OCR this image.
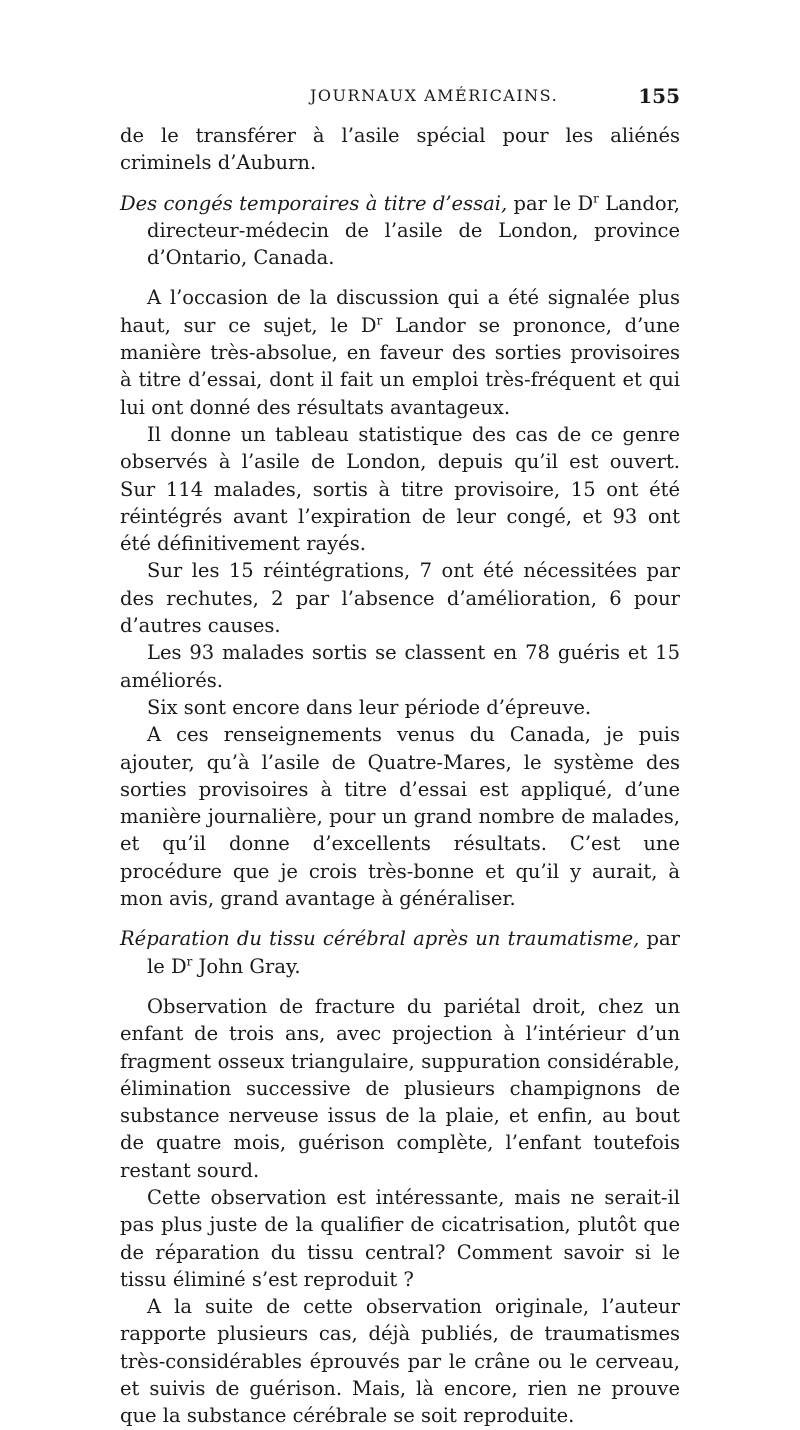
JOURNAUX AMÉRICAINS.	155

de le transférer à l’asile spécial pour les aliénés criminels d’Auburn.

Des congés temporaires à titre d’essai, par le $D^r$ Landor, directeur-médecin de l’asile de London, province d’Ontario, Canada.

A l’occasion de la discussion qui a été signalée plus haut, sur ce sujet, le $D^r$ Landor se prononce, d’une manière très-absolue, en faveur des sorties provisoires à titre d’essai, dont il fait un emploi très-fréquent et qui lui ont donné des résultats avantageux.

Il donne un tableau statistique des cas de ce genre observés à l’asile de London, depuis qu’il est ouvert. Sur 114 malades, sortis à titre provisoire, 15 ont été réintégrés avant l’expiration de leur congé, et 93 ont été définitivement rayés.

Sur les 15 réintégrations, 7 ont été nécessitées par des rechutes, 2 par l’absence d’amélioration, 6 pour d’autres causes.

Les 93 malades sortis se classent en 78 guéris et 15 améliorés.

Six sont encore dans leur période d’épreuve.

A ces renseignements venus du Canada, je puis ajouter, qu’à l’asile de Quatre-Mares, le système des sorties provisoires à titre d’essai est appliqué, d’une manière journalière, pour un grand nombre de malades, et qu’il donne d’excellents résultats. C’est une procédure que je crois très-bonne et qu’il y aurait, à mon avis, grand avantage à généraliser.

Réparation du tissu cérébral après un traumatisme, par le $D^r$ John Gray.

Observation de fracture du pariétal droit, chez un enfant de trois ans, avec projection à l’intérieur d’un fragment osseux triangulaire, suppuration considérable, élimination successive de plusieurs champignons de substance nerveuse issus de la plaie, et enfin, au bout de quatre mois, guérison complète, l’enfant toutefois restant sourd.

Cette observation est intéressante, mais ne serait-il pas plus juste de la qualifier de cicatrisation, plutôt que de réparation du tissu central? Comment savoir si le tissu éliminé s’est reproduit ?

A la suite de cette observation originale, l’auteur rapporte plusieurs cas, déjà publiés, de traumatismes très-considérables éprouvés par le crâne ou le cerveau, et suivis de guérison. Mais, là encore, rien ne prouve que la substance cérébrale se soit reproduite.
